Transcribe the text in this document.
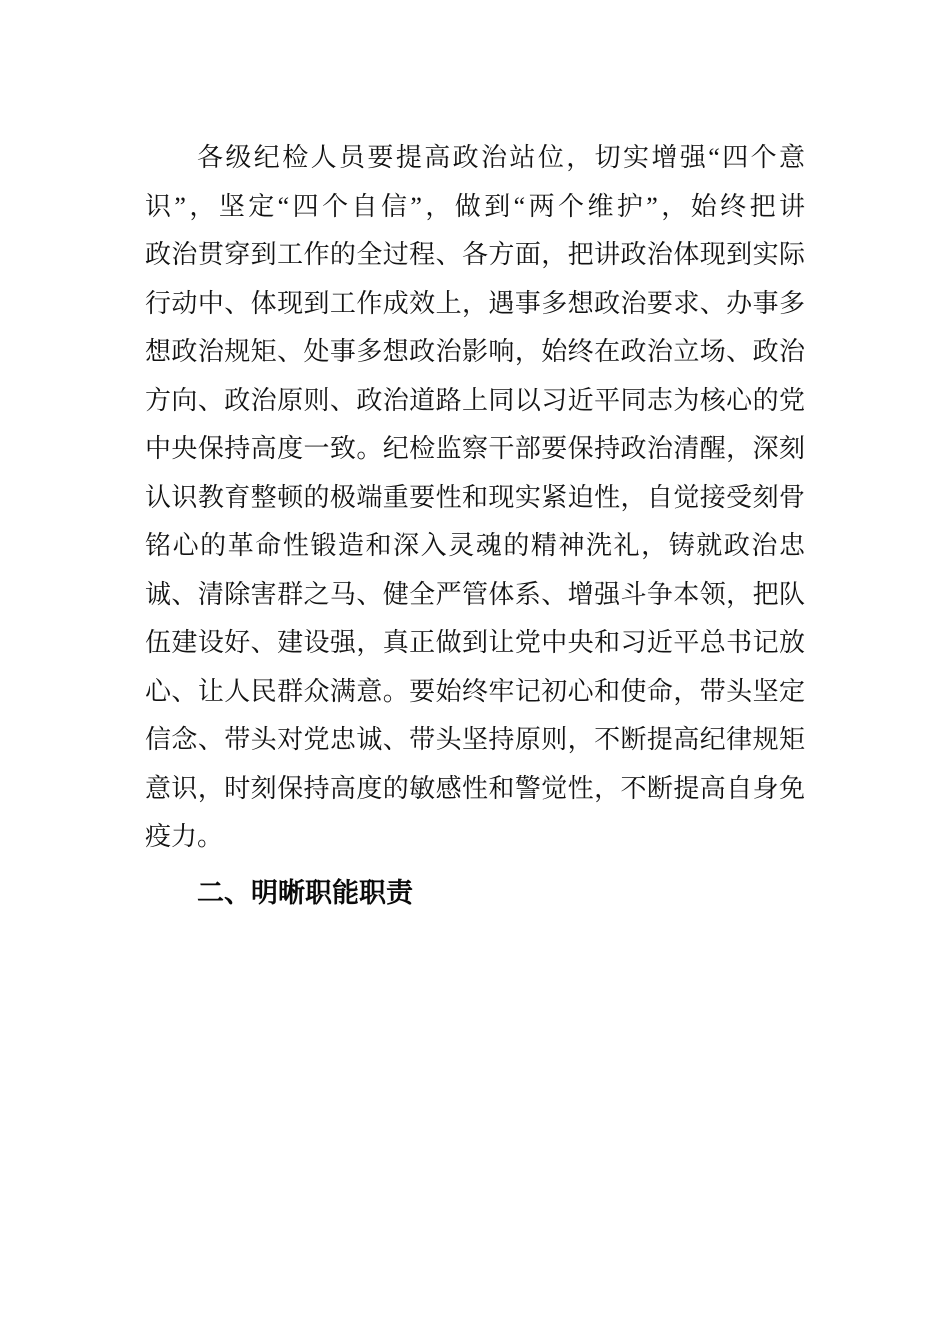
各级纪检人员要提高政治站位，切实增强“四个意
识”，坚定“四个自信”，做到“两个维护”，始终把讲
政治贯穿到工作的全过程、各方面，把讲政治体现到实际
行动中、体现到工作成效上，遇事多想政治要求、办事多
想政治规矩、处事多想政治影响，始终在政治立场、政治
方向、政治原则、政治道路上同以习近平同志为核心的党
中央保持高度一致。纪检监察干部要保持政治清醒，深刻
认识教育整顿的极端重要性和现实紧迫性，自觉接受刻骨
铭心的革命性锻造和深入灵魂的精神洗礼，铸就政治忠
诚、清除害群之马、健全严管体系、增强斗争本领，把队
伍建设好、建设强，真正做到让党中央和习近平总书记放
心、让人民群众满意。要始终牢记初心和使命，带头坚定
信念、带头对党忠诚、带头坚持原则，不断提高纪律规矩
意识，时刻保持高度的敏感性和警觉性，不断提高自身免
疫力。
二、明晰职能职责
